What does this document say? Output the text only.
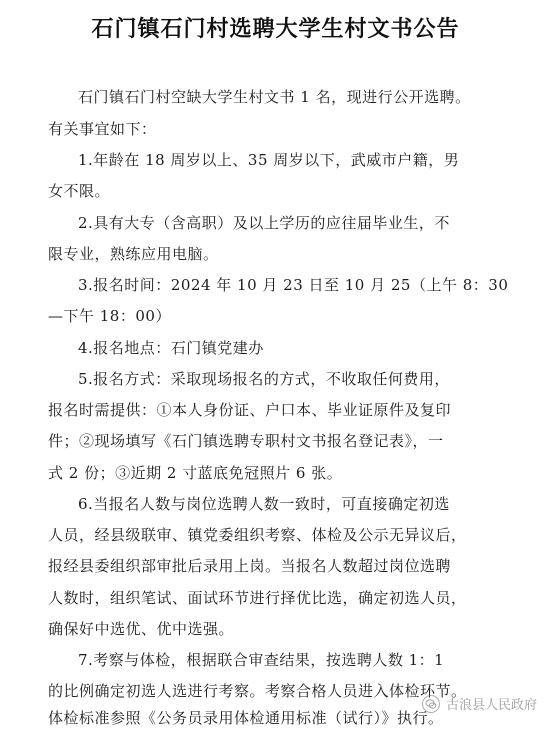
石门镇石门村选聘大学生村文书公告
石门镇石门村空缺大学生村文书 1 名，现进行公开选聘。
有关事宜如下：
1.年龄在 18 周岁以上、35 周岁以下，武威市户籍，男
女不限。
2.具有大专（含高职）及以上学历的应往届毕业生，不
限专业，熟练应用电脑。
3.报名时间：2024 年 10 月 23 日至 10 月 25（上午 8：30
—下午 18：00）
4.报名地点：石门镇党建办
5.报名方式：采取现场报名的方式，不收取任何费用，
报名时需提供：①本人身份证、户口本、毕业证原件及复印
件；②现场填写《石门镇选聘专职村文书报名登记表》，一
式 2 份；③近期 2 寸蓝底免冠照片 6 张。
6.当报名人数与岗位选聘人数一致时，可直接确定初选
人员，经县级联审、镇党委组织考察、体检及公示无异议后，
报经县委组织部审批后录用上岗。当报名人数超过岗位选聘
人数时，组织笔试、面试环节进行择优比选，确定初选人员，
确保好中选优、优中选强。
7.考察与体检，根据联合审查结果，按选聘人数 1：1
的比例确定初选人选进行考察。考察合格人员进入体检环节。
体检标准参照《公务员录用体检通用标准（试行）》执行。
古浪县人民政府
